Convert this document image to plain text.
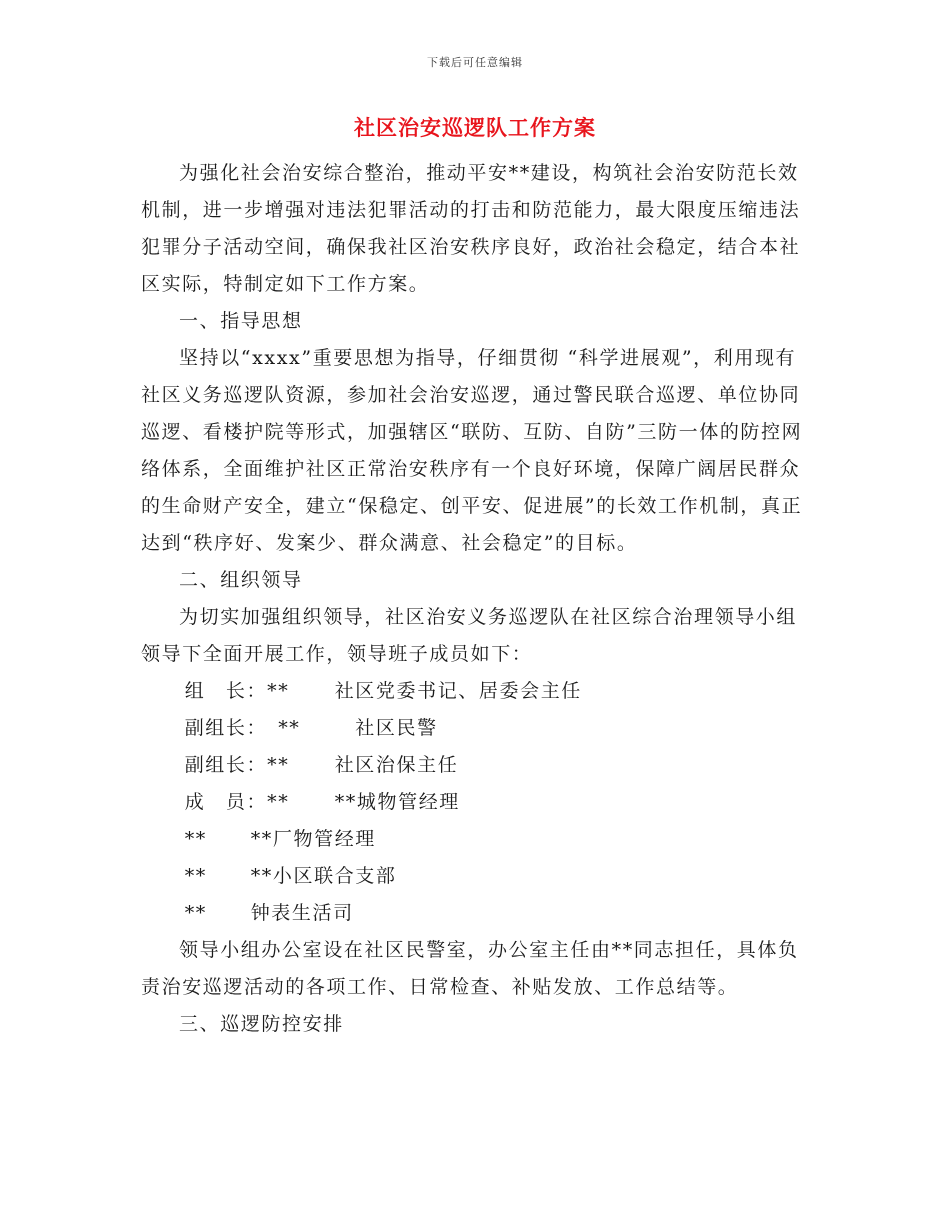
下载后可任意编辑
社区治安巡逻队工作方案

为强化社会治安综合整治，推动平安**建设，构筑社会治安防范长效机制，进一步增强对违法犯罪活动的打击和防范能力，最大限度压缩违法犯罪分子活动空间，确保我社区治安秩序良好，政治社会稳定，结合本社区实际，特制定如下工作方案。

一、指导思想

坚持以“xxxx”重要思想为指导，仔细贯彻 “科学进展观”，利用现有社区义务巡逻队资源，参加社会治安巡逻，通过警民联合巡逻、单位协同巡逻、看楼护院等形式，加强辖区“联防、互防、自防”三防一体的防控网络体系，全面维护社区正常治安秩序有一个良好环境，保障广阔居民群众的生命财产安全，建立“保稳定、创平安、促进展”的长效工作机制，真正达到“秩序好、发案少、群众满意、社会稳定”的目标。

二、组织领导

为切实加强组织领导，社区治安义务巡逻队在社区综合治理领导小组领导下全面开展工作，领导班子成员如下：

组　长：**	社区党委书记、居委会主任
副组长：　**	　社区民警
副组长：**	社区治保主任
成　员：**	**城物管经理
**	**厂物管经理
**	**小区联合支部
**	钟表生活司

领导小组办公室设在社区民警室，办公室主任由**同志担任，具体负责治安巡逻活动的各项工作、日常检查、补贴发放、工作总结等。

三、巡逻防控安排
